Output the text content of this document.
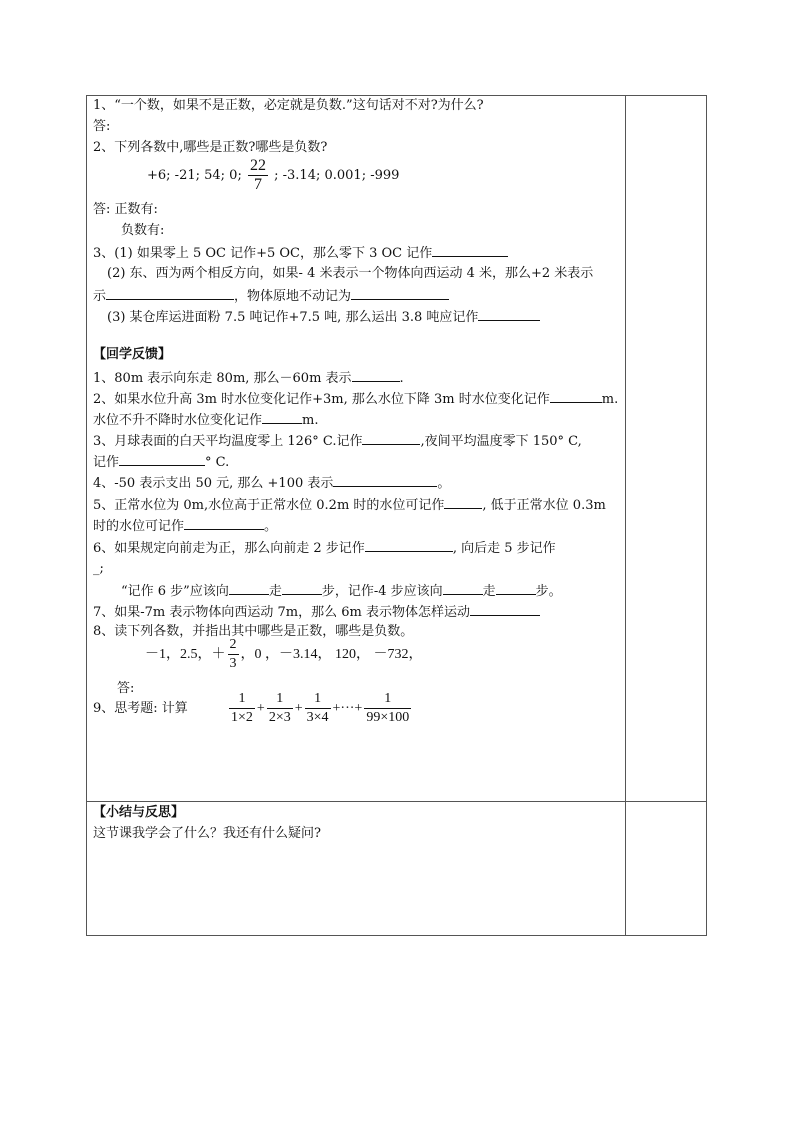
1、“一个数，如果不是正数，必定就是负数.”这句话对不对?为什么?
答:
2、下列各数中,哪些是正数?哪些是负数?
+6; -21; 54; 0; $\frac{22}{7}$ ; -3.14; 0.001; -999
答: 正数有:
负数有:
3、(1) 如果零上 5 OC 记作+5 OC，那么零下 3 OC 记作
(2) 东、西为两个相反方向，如果- 4 米表示一个物体向西运动 4 米，那么+2 米表示
示	，物体原地不动记为
(3) 某仓库运进面粉 7.5 吨记作+7.5 吨, 那么运出 3.8 吨应记作
【回学反馈】
1、80m 表示向东走 80m, 那么－60m 表示	.
2、如果水位升高 3m 时水位变化记作+3m, 那么水位下降 3m 时水位变化记作	m.
水位不升不降时水位变化记作	m.
3、月球表面的白天平均温度零上 126° C.记作	,夜间平均温度零下 150° C,
记作	° C.
4、-50 表示支出 50 元, 那么 +100 表示	。
5、正常水位为 0m,水位高于正常水位 0.2m 时的水位可记作	, 低于正常水位 0.3m
时的水位可记作	。
6、如果规定向前走为正，那么向前走 2 步记作	, 向后走 5 步记作
_;
“记作 6 步”应该向	走	步，记作-4 步应该向	走	步。
7、如果-7m 表示物体向西运动 7m，那么 6m 表示物体怎样运动
8、读下列各数，并指出其中哪些是正数，哪些是负数。
－1，2.5，＋ $\frac{2}{3}$ ，0 ，－3.14， 120， －732，
答:
9、思考题: 计算	$\frac{1}{1\times 2} + \frac{1}{2\times 3} + \frac{1}{3\times 4}$ +···+ $\frac{1}{99\times 100}$
【小结与反思】
这节课我学会了什么？我还有什么疑问?
